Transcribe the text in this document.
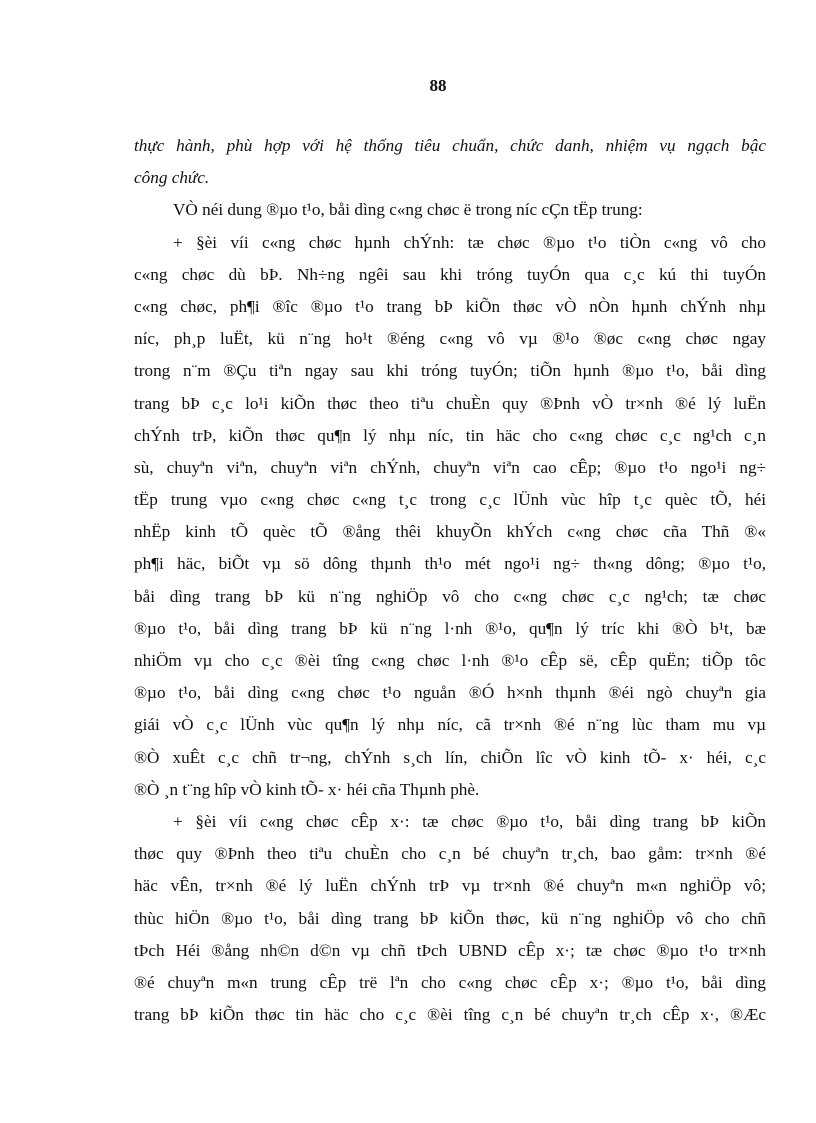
88
thực hành, phù hợp với hệ thống tiêu chuẩn, chức danh, nhiệm vụ ngạch bậc
công chức.
VÒ néi dung ®µo t¹o, båi dìng c«ng chøc ë trong níc cÇn tËp trung:
+ §èi víi c«ng chøc hµnh chÝnh: tæ chøc ®µo t¹o tiÒn c«ng vô cho
c«ng chøc dù bÞ. Nh÷ng ngêi sau khi tróng tuyÓn qua c¸c kú thi tuyÓn
c«ng chøc, ph¶i ®îc ®µo t¹o trang bÞ kiÕn thøc vÒ nÒn hµnh chÝnh nhµ
níc, ph¸p luËt, kü n¨ng ho¹t ®éng c«ng vô vµ ®¹o ®øc c«ng chøc ngay
trong n¨m ®Çu tiªn ngay sau khi tróng tuyÓn; tiÕn hµnh ®µo t¹o, båi dìng
trang bÞ c¸c lo¹i kiÕn thøc theo tiªu chuÈn quy ®Þnh vÒ tr×nh ®é lý luËn
chÝnh trÞ, kiÕn thøc qu¶n lý nhµ níc, tin häc cho c«ng chøc c¸c ng¹ch c¸n
sù, chuyªn viªn, chuyªn viªn chÝnh, chuyªn viªn cao cÊp; ®µo t¹o ngo¹i ng÷
tËp trung vµo c«ng chøc c«ng t¸c trong c¸c lÜnh vùc hîp t¸c quèc tÕ, héi
nhËp kinh tÕ quèc tÕ ®ång thêi khuyÕn khÝch c«ng chøc cña Thñ ®«
ph¶i häc, biÕt vµ sö dông thµnh th¹o mét ngo¹i ng÷ th«ng dông; ®µo t¹o,
båi dìng trang bÞ kü n¨ng nghiÖp vô cho c«ng chøc c¸c ng¹ch; tæ chøc
®µo t¹o, båi dìng trang bÞ kü n¨ng l·nh ®¹o, qu¶n lý tríc khi ®Ò b¹t, bæ
nhiÖm vµ cho c¸c ®èi tîng c«ng chøc l·nh ®¹o cÊp së, cÊp quËn; tiÕp tôc
®µo t¹o, båi dìng c«ng chøc t¹o nguån ®Ó h×nh thµnh ®éi ngò chuyªn gia
giái vÒ c¸c lÜnh vùc qu¶n lý nhµ níc, cã tr×nh ®é n¨ng lùc tham mu vµ
®Ò xuÊt c¸c chñ tr¬ng, chÝnh s¸ch lín, chiÕn lîc vÒ kinh tÕ- x· héi, c¸c
®Ò ¸n t¨ng hîp vÒ kinh tÕ- x· héi cña Thµnh phè.
+ §èi víi c«ng chøc cÊp x·: tæ chøc ®µo t¹o, båi dìng trang bÞ kiÕn
thøc quy ®Þnh theo tiªu chuÈn cho c¸n bé chuyªn tr¸ch, bao gåm: tr×nh ®é
häc vÊn, tr×nh ®é lý luËn chÝnh trÞ vµ tr×nh ®é chuyªn m«n nghiÖp vô;
thùc hiÖn ®µo t¹o, båi dìng trang bÞ kiÕn thøc, kü n¨ng nghiÖp vô cho chñ
tÞch Héi ®ång nh©n d©n vµ chñ tÞch UBND cÊp x·; tæ chøc ®µo t¹o tr×nh
®é chuyªn m«n trung cÊp trë lªn cho c«ng chøc cÊp x·; ®µo t¹o, båi dìng
trang bÞ kiÕn thøc tin häc cho c¸c ®èi tîng c¸n bé chuyªn tr¸ch cÊp x·, ®Æc
